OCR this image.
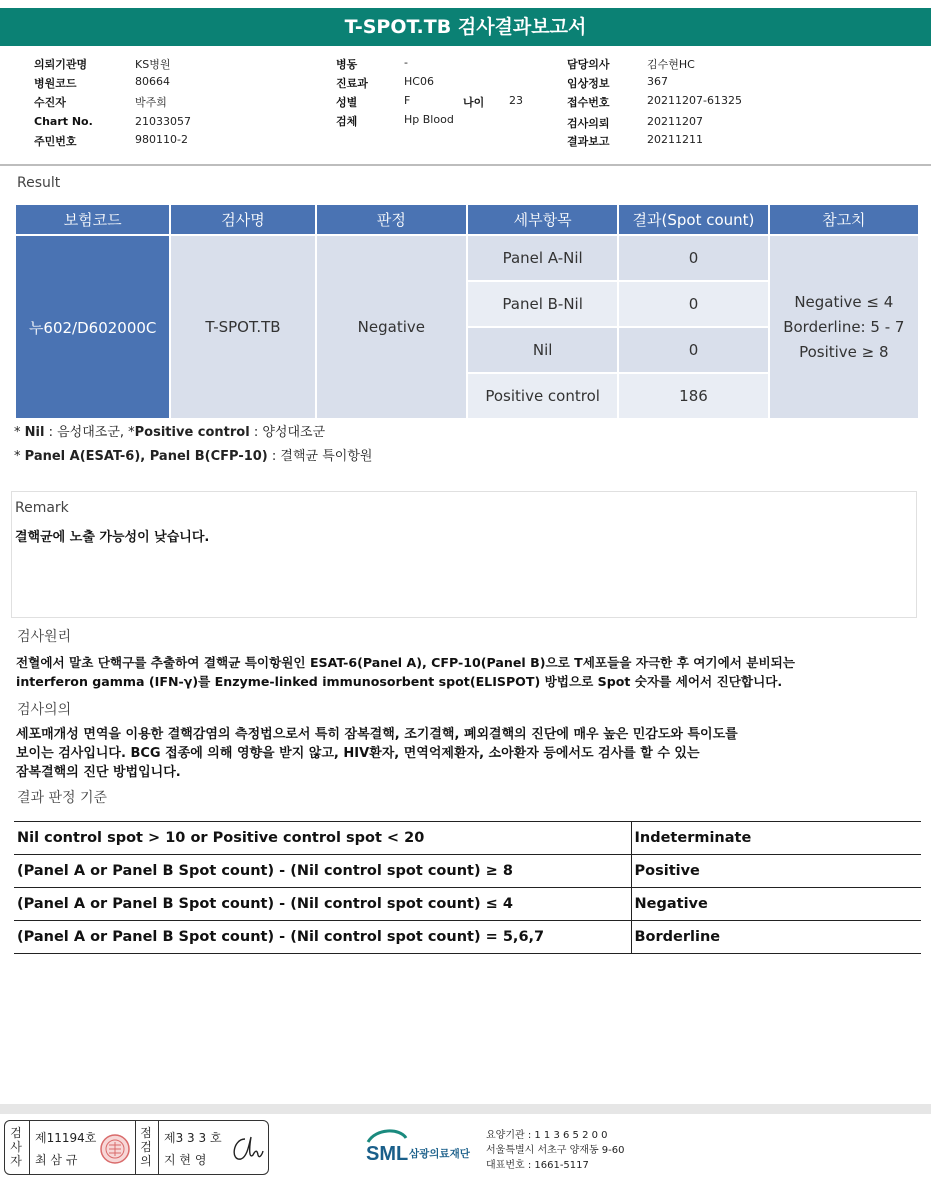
T-SPOT.TB 검사결과보고서
의뢰기관명	KS병원
병원코드	80664
수진자	박주희
Chart No.	21033057
주민번호	980110-2
병동	-
진료과	HC06
성별	F	나이 23
검체	Hp Blood
담당의사	김수현HC
임상정보	367
접수번호	20211207-61325
검사의뢰	20211207
결과보고	20211211
Result
보험코드	검사명	판정	세부항목	결과(Spot count)	참고치
누602/D602000C	T-SPOT.TB	Negative	Panel A-Nil	0	Negative ≤ 4
Borderline: 5 - 7
Positive ≥ 8

			Panel B-Nil	0	
			Nil	0	
			Positive control	186	
* Nil : 음성대조군, *Positive control : 양성대조군
* Panel A(ESAT-6), Panel B(CFP-10) : 결핵균 특이항원
Remark
결핵균에 노출 가능성이 낮습니다.
검사원리
전혈에서 말초 단핵구를 추출하여 결핵균 특이항원인 ESAT-6(Panel A), CFP-10(Panel B)으로 T세포들을 자극한 후 여기에서 분비되는
interferon gamma (IFN-γ)를 Enzyme-linked immunosorbent spot(ELISPOT) 방법으로 Spot 숫자를 세어서 진단합니다.
검사의의
세포매개성 면역을 이용한 결핵감염의 측정법으로서 특히 잠복결핵, 조기결핵, 폐외결핵의 진단에 매우 높은 민감도와 특이도를
보이는 검사입니다. BCG 접종에 의해 영향을 받지 않고, HIV환자, 면역억제환자, 소아환자 등에서도 검사를 할 수 있는
잠복결핵의 진단 방법입니다.
결과 판정 기준
Nil control spot > 10 or Positive control spot < 20	Indeterminate
(Panel A or Panel B Spot count) - (Nil control spot count) ≥ 8	Positive
(Panel A or Panel B Spot count) - (Nil control spot count) ≤ 4	Negative
(Panel A or Panel B Spot count) - (Nil control spot count) = 5,6,7	Borderline
검사자
제11194호
최 삼 규
점검의
제3 3 3 호
지 현 영	SML 삼광의료재단
요양기관 : 1 1 3 6 5 2 0 0
서울특별시 서초구 양재동 9-60
대표번호 : 1661-5117
